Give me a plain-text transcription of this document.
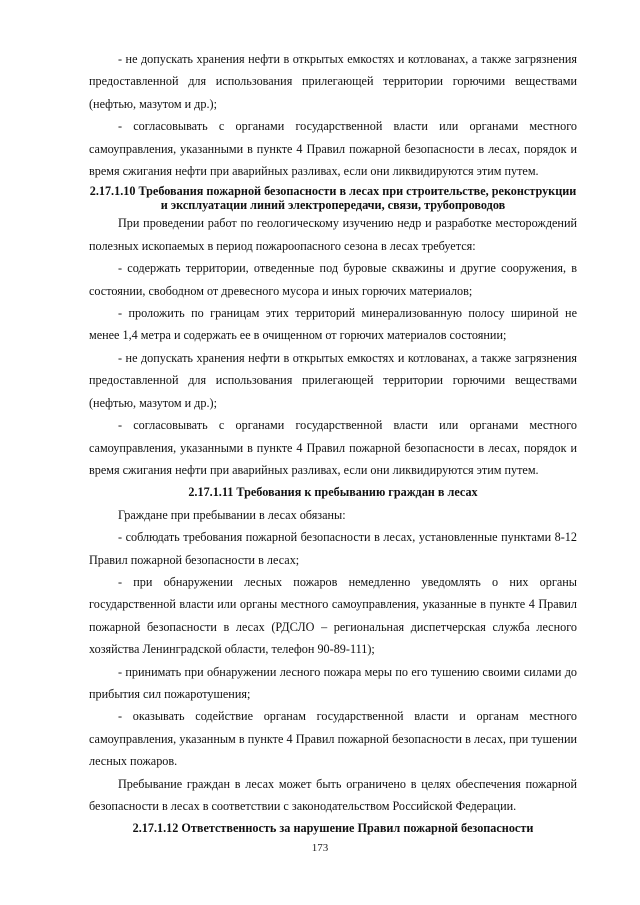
- не допускать хранения нефти в открытых емкостях и котлованах, а также загрязнения предоставленной для использования прилегающей территории горючими веществами (нефтью, мазутом и др.);

- согласовывать с органами государственной власти или органами местного самоуправления, указанными в пункте 4 Правил пожарной безопасности в лесах, порядок и время сжигания нефти при аварийных разливах, если они ликвидируются этим путем.

2.17.1.10 Требования пожарной безопасности в лесах при строительстве, реконструкции и эксплуатации линий электропередачи, связи, трубопроводов

При проведении работ по геологическому изучению недр и разработке месторождений полезных ископаемых в период пожароопасного сезона в лесах требуется:

- содержать территории, отведенные под буровые скважины и другие сооружения, в состоянии, свободном от древесного мусора и иных горючих материалов;

- проложить по границам этих территорий минерализованную полосу шириной не менее 1,4 метра и содержать ее в очищенном от горючих материалов состоянии;

- не допускать хранения нефти в открытых емкостях и котлованах, а также загрязнения предоставленной для использования прилегающей территории горючими веществами (нефтью, мазутом и др.);

- согласовывать с органами государственной власти или органами местного самоуправления, указанными в пункте 4 Правил пожарной безопасности в лесах, порядок и время сжигания нефти при аварийных разливах, если они ликвидируются этим путем.

2.17.1.11 Требования к пребыванию граждан в лесах

Граждане при пребывании в лесах обязаны:

- соблюдать требования пожарной безопасности в лесах, установленные пунктами 8-12 Правил пожарной безопасности в лесах;

- при обнаружении лесных пожаров немедленно уведомлять о них органы государственной власти или органы местного самоуправления, указанные в пункте 4 Правил пожарной безопасности в лесах (РДСЛО – региональная диспетчерская служба лесного хозяйства Ленинградской области, телефон 90-89-111);

- принимать при обнаружении лесного пожара меры по его тушению своими силами до прибытия сил пожаротушения;

- оказывать содействие органам государственной власти и органам местного самоуправления, указанным в пункте 4 Правил пожарной безопасности в лесах, при тушении лесных пожаров.

Пребывание граждан в лесах может быть ограничено в целях обеспечения пожарной безопасности в лесах в соответствии с законодательством Российской Федерации.

2.17.1.12 Ответственность за нарушение Правил пожарной безопасности

173
